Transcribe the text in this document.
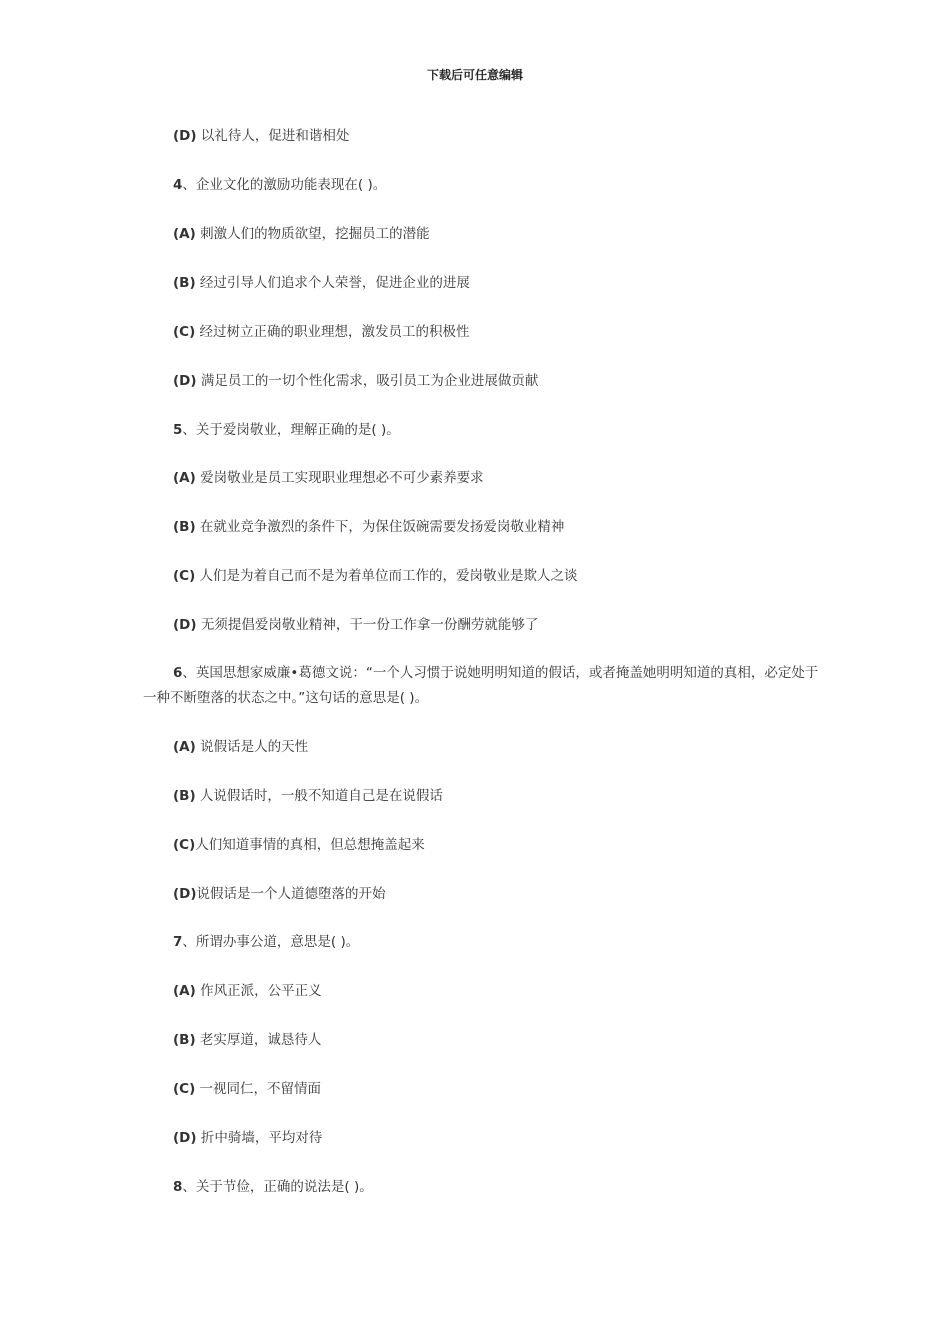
下载后可任意编辑
(D) 以礼待人，促进和谐相处
4、企业文化的激励功能表现在( )。
(A) 刺激人们的物质欲望，挖掘员工的潜能
(B) 经过引导人们追求个人荣誉，促进企业的进展
(C) 经过树立正确的职业理想，激发员工的积极性
(D) 满足员工的一切个性化需求，吸引员工为企业进展做贡献
5、关于爱岗敬业，理解正确的是( )。
(A) 爱岗敬业是员工实现职业理想必不可少素养要求
(B) 在就业竞争激烈的条件下，为保住饭碗需要发扬爱岗敬业精神
(C) 人们是为着自己而不是为着单位而工作的，爱岗敬业是欺人之谈
(D) 无须提倡爱岗敬业精神，干一份工作拿一份酬劳就能够了
6、英国思想家威廉•葛德文说：“一个人习惯于说她明明知道的假话，或者掩盖她明明知道的真相，必定处于一种不断堕落的状态之中。”这句话的意思是( )。
(A) 说假话是人的天性
(B) 人说假话时，一般不知道自己是在说假话
(C)人们知道事情的真相，但总想掩盖起来
(D)说假话是一个人道德堕落的开始
7、所谓办事公道，意思是( )。
(A) 作风正派，公平正义
(B) 老实厚道，诚恳待人
(C) 一视同仁，不留情面
(D) 折中骑墙，平均对待
8、关于节俭，正确的说法是( )。
